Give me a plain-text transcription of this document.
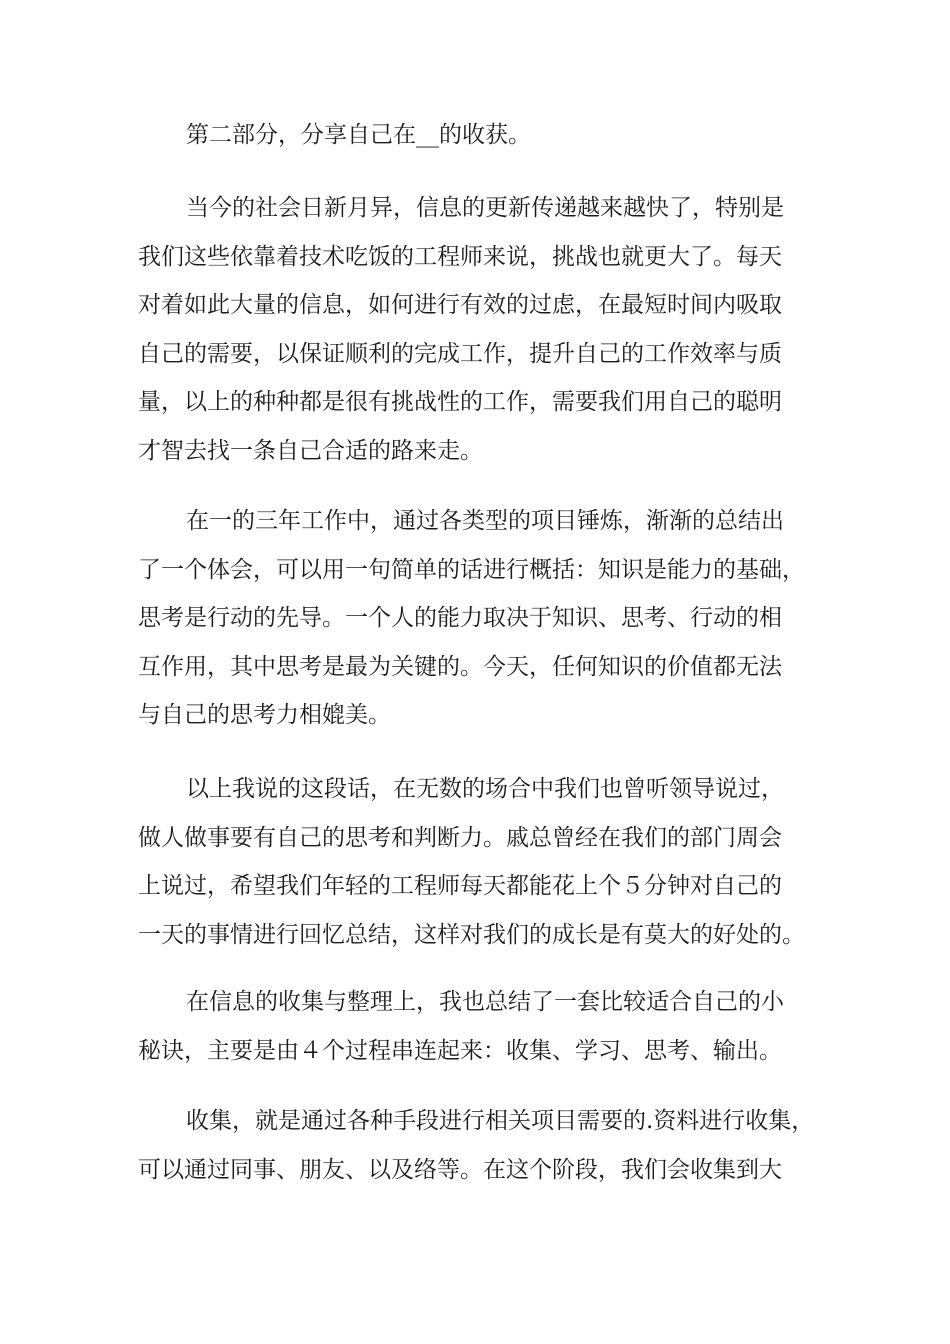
第二部分，分享自己在__的收获。

当今的社会日新月异，信息的更新传递越来越快了，特别是
我们这些依靠着技术吃饭的工程师来说，挑战也就更大了。每天
对着如此大量的信息，如何进行有效的过虑，在最短时间内吸取
自己的需要，以保证顺利的完成工作，提升自己的工作效率与质
量，以上的种种都是很有挑战性的工作，需要我们用自己的聪明
才智去找一条自己合适的路来走。

在一的三年工作中，通过各类型的项目锤炼，渐渐的总结出
了一个体会，可以用一句简单的话进行概括：知识是能力的基础，
思考是行动的先导。一个人的能力取决于知识、思考、行动的相
互作用，其中思考是最为关键的。今天，任何知识的价值都无法
与自己的思考力相媲美。

以上我说的这段话，在无数的场合中我们也曾听领导说过，
做人做事要有自己的思考和判断力。戚总曾经在我们的部门周会
上说过，希望我们年轻的工程师每天都能花上个５分钟对自己的
一天的事情进行回忆总结，这样对我们的成长是有莫大的好处的。

在信息的收集与整理上，我也总结了一套比较适合自己的小
秘诀，主要是由４个过程串连起来：收集、学习、思考、输出。

收集，就是通过各种手段进行相关项目需要的.资料进行收集，
可以通过同事、朋友、以及络等。在这个阶段，我们会收集到大
